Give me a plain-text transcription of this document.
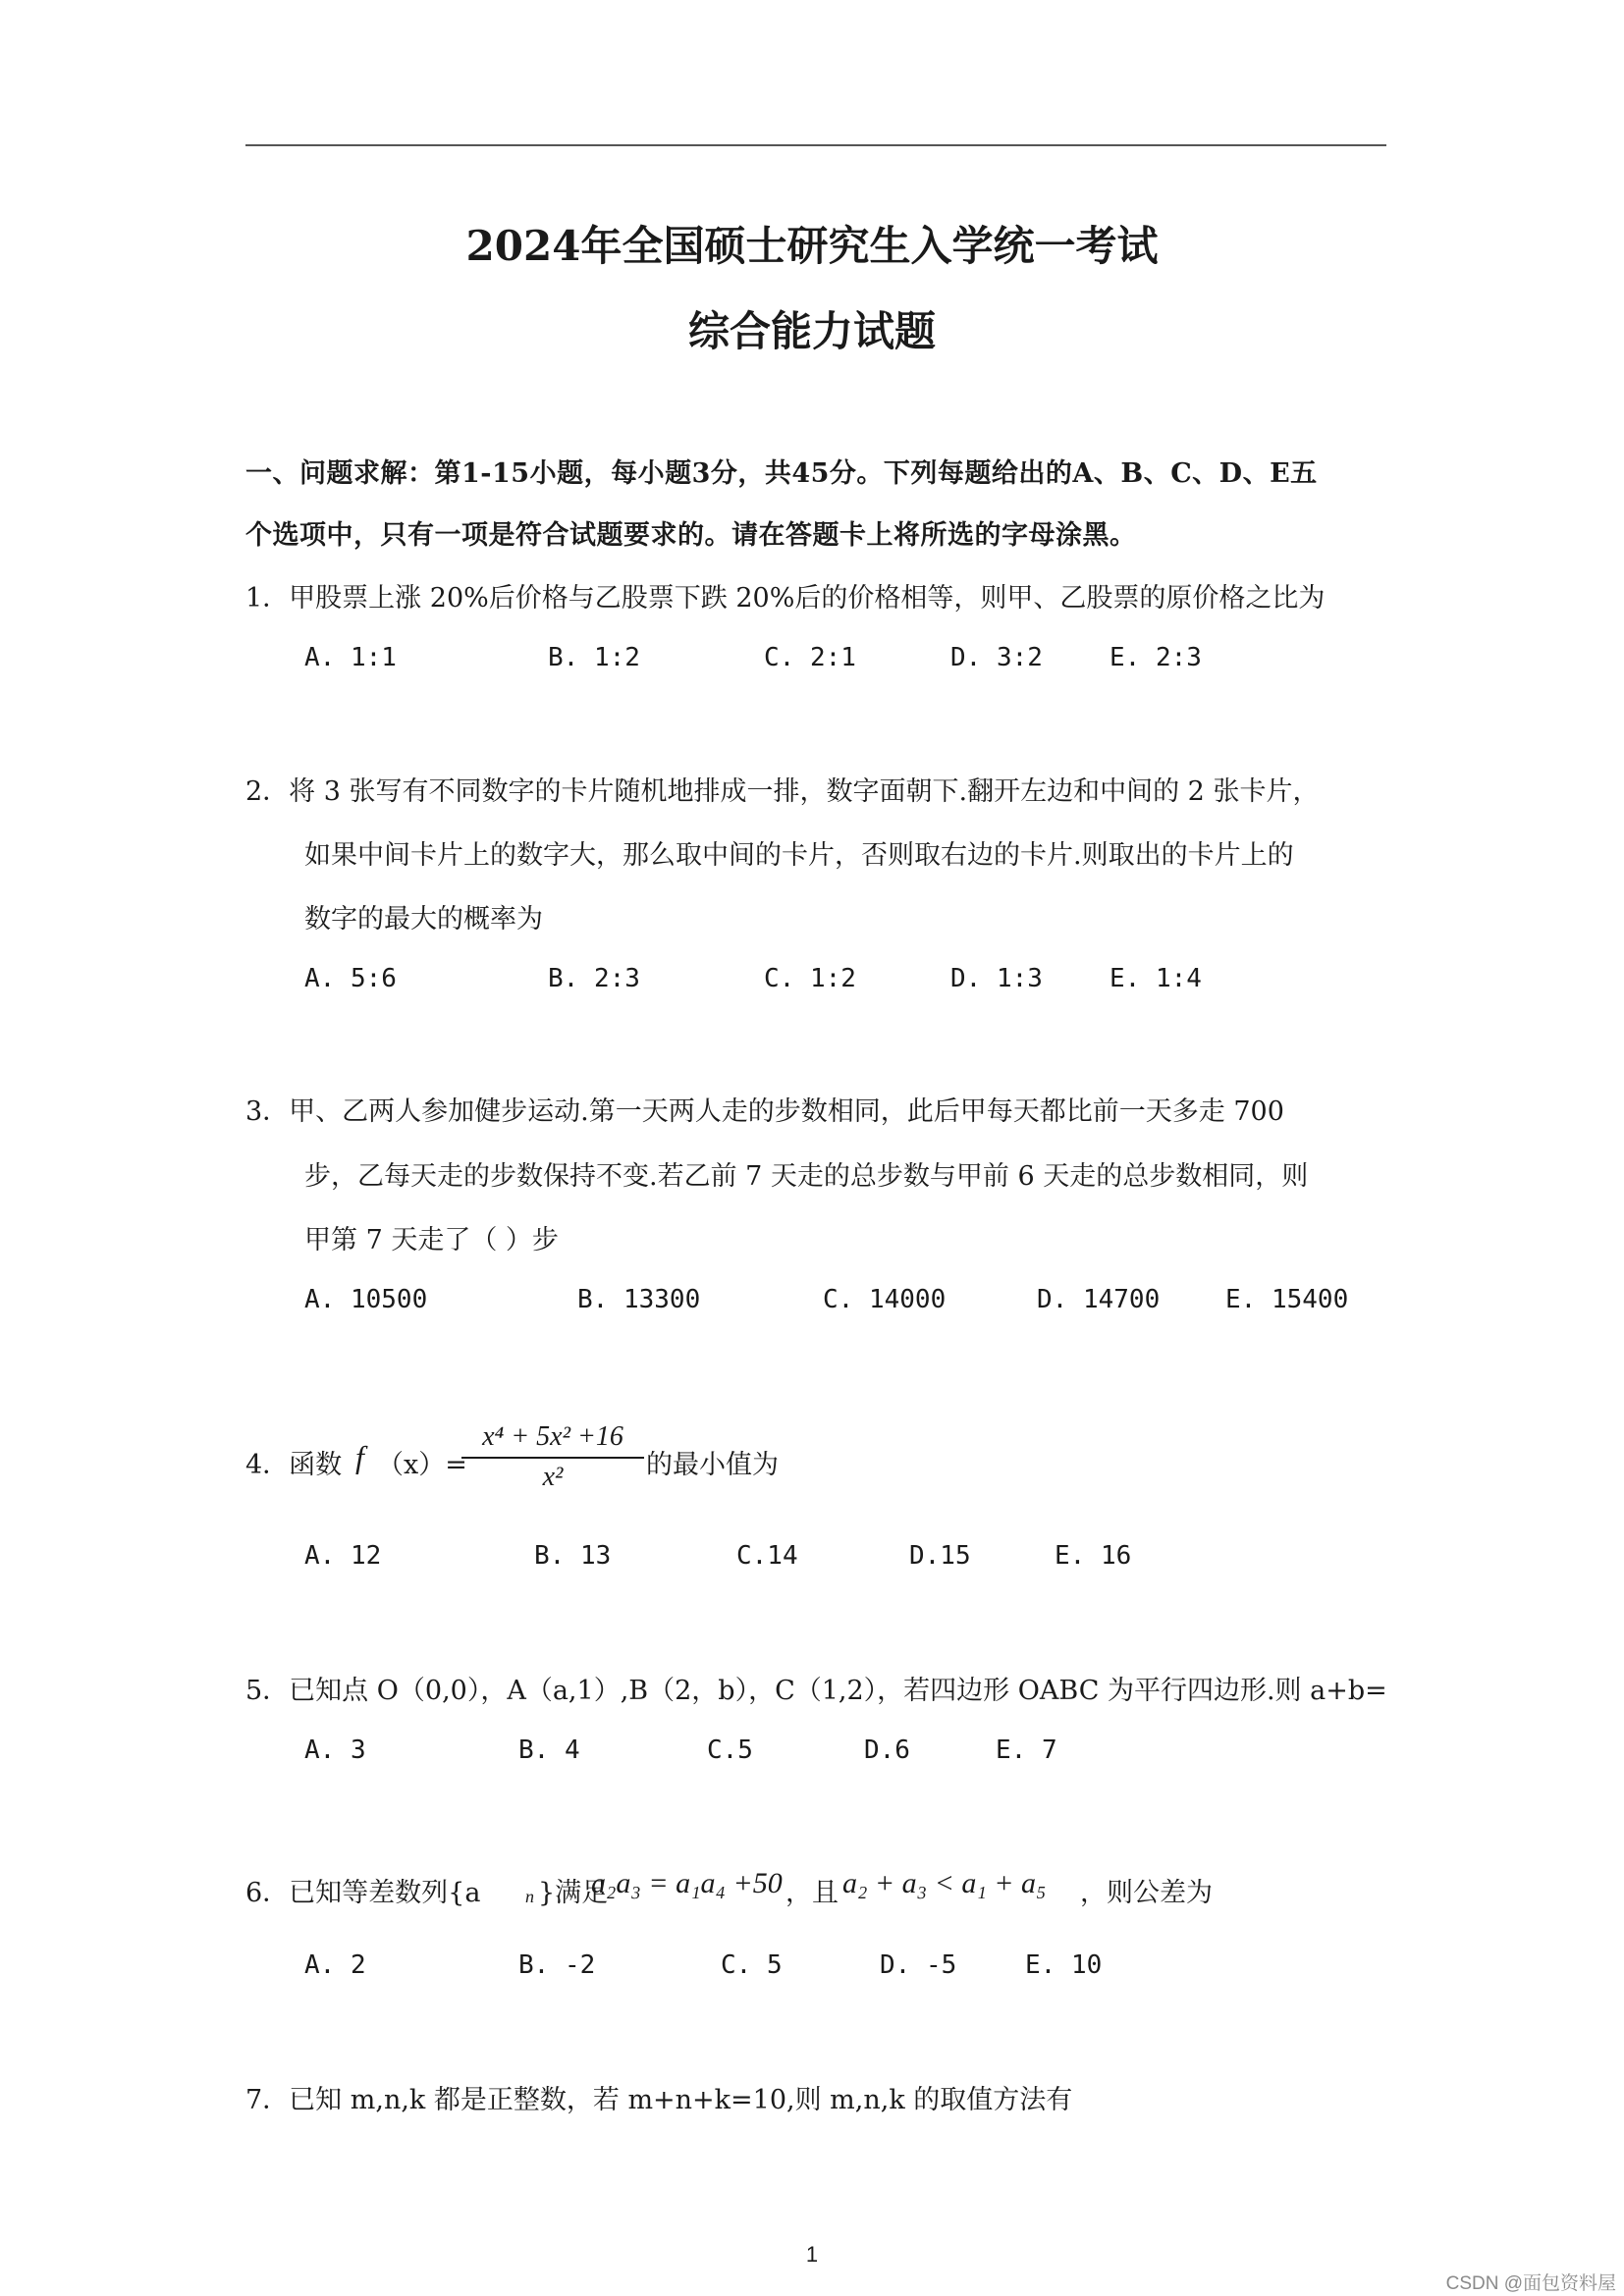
2024年全国硕士研究生入学统一考试
综合能力试题
一、问题求解：第1-15小题，每小题3分，共45分。下列每题给出的A、B、C、D、E五
个选项中，只有一项是符合试题要求的。请在答题卡上将所选的字母涂黑。
1．甲股票上涨 20%后价格与乙股票下跌 20%后的价格相等，则甲、乙股票的原价格之比为
A. 1:1	B. 1:2	C. 2:1	D. 3:2	E. 2:3
2．将 3 张写有不同数字的卡片随机地排成一排，数字面朝下.翻开左边和中间的 2 张卡片，
如果中间卡片上的数字大，那么取中间的卡片，否则取右边的卡片.则取出的卡片上的
数字的最大的概率为
A. 5:6	B. 2:3	C. 1:2	D. 1:3	E. 1:4
3．甲、乙两人参加健步运动.第一天两人走的步数相同，此后甲每天都比前一天多走 700
步，乙每天走的步数保持不变.若乙前 7 天走的总步数与甲前 6 天走的总步数相同，则
甲第 7 天走了（ ）步
A. 10500	B. 13300	C. 14000	D. 14700	E. 15400
4．函数 f （x）=
x⁴ + 5x² +16
x²	的最小值为
A. 12	B. 13	C.14	D.15	E. 16
5．已知点 O（0,0），A（a,1）,B（2，b），C（1,2），若四边形 OABC 为平行四边形.则 a+b=
A. 3	B. 4	C.5	D.6	E. 7
6．已知等差数列{a	n }满足
a₂a₃ = a₁a₄ +50 ，且 a₂ + a₃ < a₁ + a₅ ，则公差为
A. 2	B. -2	C. 5	D. -5	E. 10
7．已知 m,n,k 都是正整数，若 m+n+k=10,则 m,n,k 的取值方法有
1
CSDN @面包资料屋
